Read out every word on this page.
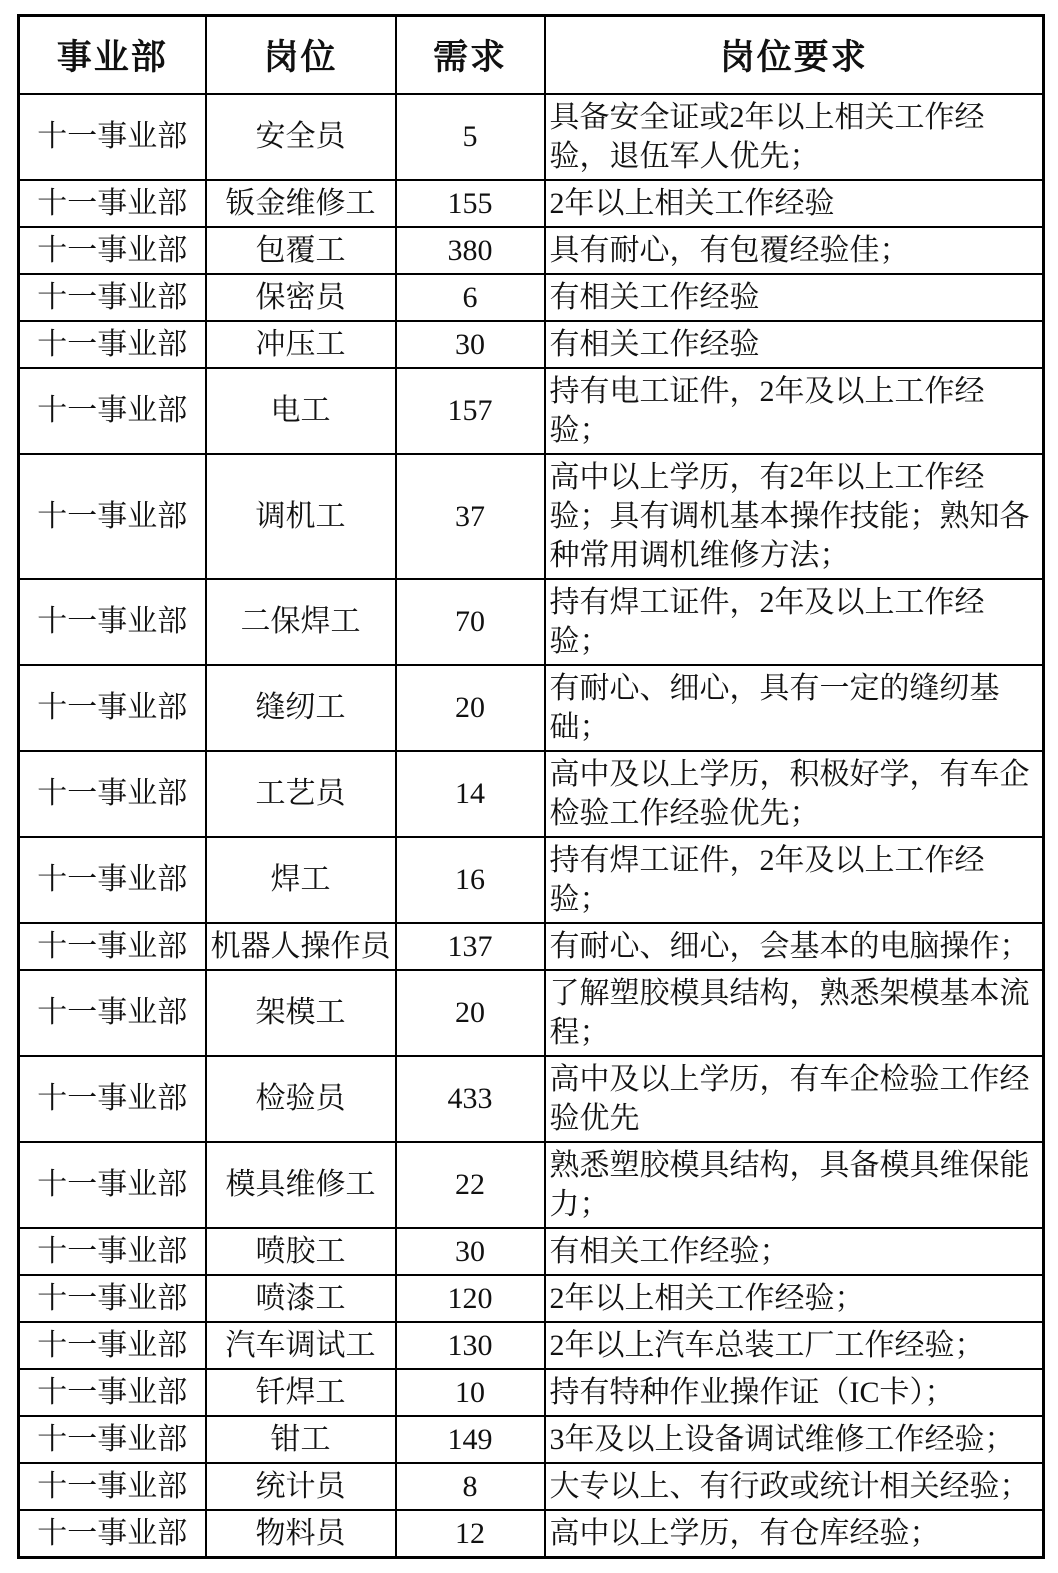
事业部	岗位	需求	岗位要求
十一事业部	安全员	5	具备安全证或2年以上相关工作经验，退伍军人优先；
十一事业部	钣金维修工	155	2年以上相关工作经验
十一事业部	包覆工	380	具有耐心，有包覆经验佳；
十一事业部	保密员	6	有相关工作经验
十一事业部	冲压工	30	有相关工作经验
十一事业部	电工	157	持有电工证件，2年及以上工作经验；
十一事业部	调机工	37	高中以上学历，有2年以上工作经验；具有调机基本操作技能；熟知各种常用调机维修方法；
十一事业部	二保焊工	70	持有焊工证件，2年及以上工作经验；
十一事业部	缝纫工	20	有耐心、细心，具有一定的缝纫基础；
十一事业部	工艺员	14	高中及以上学历，积极好学，有车企检验工作经验优先；
十一事业部	焊工	16	持有焊工证件，2年及以上工作经验；
十一事业部	机器人操作员	137	有耐心、细心，会基本的电脑操作；
十一事业部	架模工	20	了解塑胶模具结构，熟悉架模基本流程；
十一事业部	检验员	433	高中及以上学历，有车企检验工作经验优先
十一事业部	模具维修工	22	熟悉塑胶模具结构，具备模具维保能力；
十一事业部	喷胶工	30	有相关工作经验；
十一事业部	喷漆工	120	2年以上相关工作经验；
十一事业部	汽车调试工	130	2年以上汽车总装工厂工作经验；
十一事业部	钎焊工	10	持有特种作业操作证（IC卡）；
十一事业部	钳工	149	3年及以上设备调试维修工作经验；
十一事业部	统计员	8	大专以上、有行政或统计相关经验；
十一事业部	物料员	12	高中以上学历，有仓库经验；
